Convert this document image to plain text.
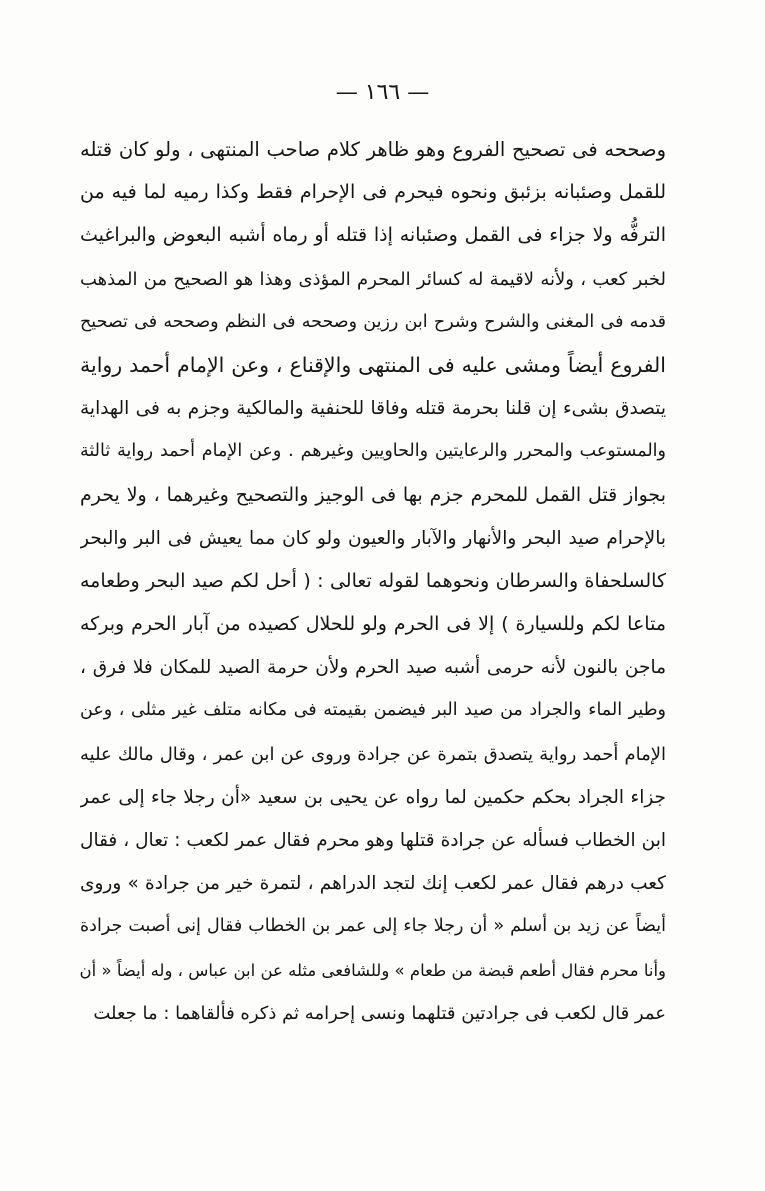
— ١٦٦ —
وصححه فى تصحيح الفروع وهو ظاهر كلام صاحب المنتهى ، ولو كان قتله
للقمل وصئبانه بزئبق ونحوه فيحرم فى الإحرام فقط وكذا رميه لما فيه من
الترفُّه ولا جزاء فى القمل وصئبانه إذا قتله أو رماه أشبه البعوض والبراغيث
لخبر كعب ، ولأنه لاقيمة له كسائر المحرم المؤذى وهذا هو الصحيح من المذهب
قدمه فى المغنى والشرح وشرح ابن رزين وصححه فى النظم وصححه فى تصحيح
الفروع أيضاً ومشى عليه فى المنتهى والإقناع ، وعن الإمام أحمد رواية
يتصدق بشىء إن قلنا بحرمة قتله وفاقا للحنفية والمالكية وجزم به فى الهداية
والمستوعب والمحرر والرعايتين والحاويين وغيرهم . وعن الإمام أحمد رواية ثالثة
بجواز قتل القمل للمحرم جزم بها فى الوجيز والتصحيح وغيرهما ، ولا يحرم
بالإحرام صيد البحر والأنهار والآبار والعيون ولو كان مما يعيش فى البر والبحر
كالسلحفاة والسرطان ونحوهما لقوله تعالى : ( أحل لكم صيد البحر وطعامه
متاعا لكم وللسيارة ) إلا فى الحرم ولو للحلال كصيده من آبار الحرم وبركه
ماجن بالنون لأنه حرمى أشبه صيد الحرم ولأن حرمة الصيد للمكان فلا فرق ،
وطير الماء والجراد من صيد البر فيضمن بقيمته فى مكانه متلف غير مثلى ، وعن
الإمام أحمد رواية يتصدق بتمرة عن جرادة وروى عن ابن عمر ، وقال مالك عليه
جزاء الجراد بحكم حكمين لما رواه عن يحيى بن سعيد «أن رجلا جاء إلى عمر
ابن الخطاب فسأله عن جرادة قتلها وهو محرم فقال عمر لكعب : تعال ، فقال
كعب درهم فقال عمر لكعب إنك لتجد الدراهم ، لتمرة خير من جرادة » وروى
أيضاً عن زيد بن أسلم « أن رجلا جاء إلى عمر بن الخطاب فقال إنى أصبت جرادة
وأنا محرم فقال أطعم قبضة من طعام » وللشافعى مثله عن ابن عباس ، وله أيضاً « أن
عمر قال لكعب فى جرادتين قتلهما ونسى إحرامه ثم ذكره فألقاهما : ما جعلت
